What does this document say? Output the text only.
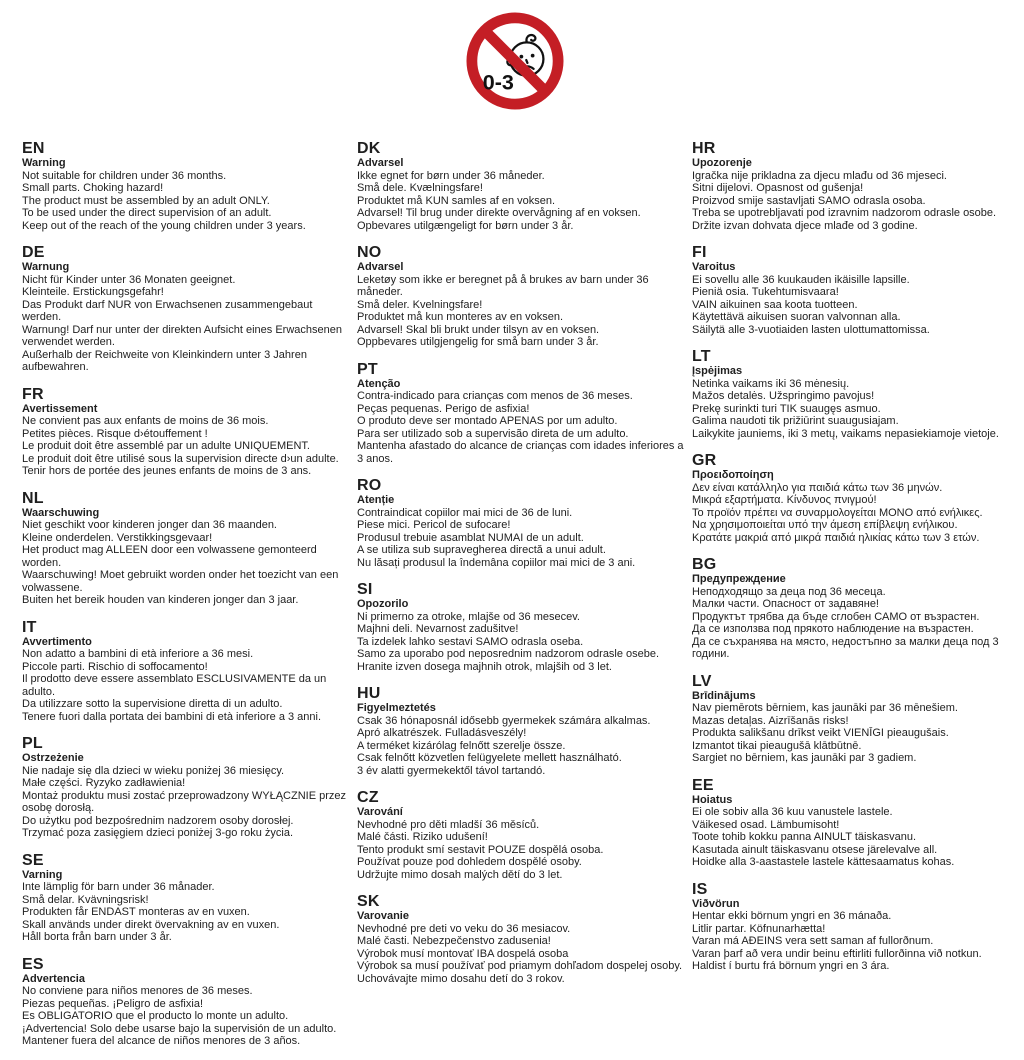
0-3
EN
Warning
Not suitable for children under 36 months.
Small parts. Choking hazard!
The product must be assembled by an adult ONLY.
To be used under the direct supervision of an adult.
Keep out of the reach of the young children under 3 years.
DE
Warnung
Nicht für Kinder unter 36 Monaten geeignet.
Kleinteile. Erstickungsgefahr!
Das Produkt darf NUR von Erwachsenen zusammengebaut werden.
Warnung! Darf nur unter der direkten Aufsicht eines Erwachsenen verwendet werden.
Außerhalb der Reichweite von Kleinkindern unter 3 Jahren aufbewahren.
FR
Avertissement
Ne convient pas aux enfants de moins de 36 mois.
Petites pièces. Risque d›étouffement !
Le produit doit être assemblé par un adulte UNIQUEMENT.
Le produit doit être utilisé sous la supervision directe d›un adulte.
Tenir hors de portée des jeunes enfants de moins de 3 ans.
NL
Waarschuwing
Niet geschikt voor kinderen jonger dan 36 maanden.
Kleine onderdelen. Verstikkingsgevaar!
Het product mag ALLEEN door een volwassene gemonteerd worden.
Waarschuwing! Moet gebruikt worden onder het toezicht van een volwassene.
Buiten het bereik houden van kinderen jonger dan 3 jaar.
IT
Avvertimento
Non adatto a bambini di età inferiore a 36 mesi.
Piccole parti. Rischio di soffocamento!
Il prodotto deve essere assemblato ESCLUSIVAMENTE da un adulto.
Da utilizzare sotto la supervisione diretta di un adulto.
Tenere fuori dalla portata dei bambini di età inferiore a 3 anni.
PL
Ostrzeżenie
Nie nadaje się dla dzieci w wieku poniżej 36 miesięcy.
Małe części. Ryzyko zadławienia!
Montaż produktu musi zostać przeprowadzony WYŁĄCZNIE przez osobę dorosłą.
Do użytku pod bezpośrednim nadzorem osoby dorosłej.
Trzymać poza zasięgiem dzieci poniżej 3-go roku życia.
SE
Varning
Inte lämplig för barn under 36 månader.
Små delar. Kvävningsrisk!
Produkten får ENDAST monteras av en vuxen.
Skall används under direkt övervakning av en vuxen.
Håll borta från barn under 3 år.
ES
Advertencia
No conviene para niños menores de 36 meses.
Piezas pequeñas. ¡Peligro de asfixia!
Es OBLIGATORIO que el producto lo monte un adulto.
¡Advertencia! Solo debe usarse bajo la supervisión de un adulto.
Mantener fuera del alcance de niños menores de 3 años.
DK
Advarsel
Ikke egnet for børn under 36 måneder.
Små dele. Kvælningsfare!
Produktet må KUN samles af en voksen.
Advarsel! Til brug under direkte overvågning af en voksen.
Opbevares utilgængeligt for børn under 3 år.
NO
Advarsel
Leketøy som ikke er beregnet på å brukes av barn under 36 måneder.
Små deler. Kvelningsfare!
Produktet må kun monteres av en voksen.
Advarsel! Skal bli brukt under tilsyn av en voksen.
Oppbevares utilgjengelig for små barn under 3 år.
PT
Atenção
Contra-indicado para crianças com menos de 36 meses.
Peças pequenas. Perigo de asfixia!
O produto deve ser montado APENAS por um adulto.
Para ser utilizado sob a supervisão direta de um adulto.
Mantenha afastado do alcance de crianças com idades inferiores a 3 anos.
RO
Atenție
Contraindicat copiilor mai mici de 36 de luni.
Piese mici. Pericol de sufocare!
Produsul trebuie asamblat NUMAI de un adult.
A se utiliza sub supravegherea directă a unui adult.
Nu lăsați produsul la îndemâna copiilor mai mici de 3 ani.
SI
Opozorilo
Ni primerno za otroke, mlajše od 36 mesecev.
Majhni deli. Nevarnost zadušitve!
Ta izdelek lahko sestavi SAMO odrasla oseba.
Samo za uporabo pod neposrednim nadzorom odrasle osebe.
Hranite izven dosega majhnih otrok, mlajših od 3 let.
HU
Figyelmeztetés
Csak 36 hónaposnál idősebb gyermekek számára alkalmas.
Apró alkatrészek. Fulladásveszély!
A terméket kizárólag felnőtt szerelje össze.
Csak felnőtt közvetlen felügyelete mellett használható.
3 év alatti gyermekektől távol tartandó.
CZ
Varování
Nevhodné pro děti mladší 36 měsíců.
Malé části. Riziko udušení!
Tento produkt smí sestavit POUZE dospělá osoba.
Používat pouze pod dohledem dospělé osoby.
Udržujte mimo dosah malých dětí do 3 let.
SK
Varovanie
Nevhodné pre deti vo veku do 36 mesiacov.
Malé časti. Nebezpečenstvo zadusenia!
Výrobok musí montovať IBA dospelá osoba
Výrobok sa musí používať pod priamym dohľadom dospelej osoby.
Uchovávajte mimo dosahu detí do 3 rokov.
HR
Upozorenje
Igračka nije prikladna za djecu mlađu od 36 mjeseci.
Sitni dijelovi. Opasnost od gušenja!
Proizvod smije sastavljati SAMO odrasla osoba.
Treba se upotrebljavati pod izravnim nadzorom odrasle osobe.
Držite izvan dohvata djece mlađe od 3 godine.
FI
Varoitus
Ei sovellu alle 36 kuukauden ikäisille lapsille.
Pieniä osia. Tukehtumisvaara!
VAIN aikuinen saa koota tuotteen.
Käytettävä aikuisen suoran valvonnan alla.
Säilytä alle 3-vuotiaiden lasten ulottumattomissa.
LT
Įspėjimas
Netinka vaikams iki 36 mėnesių.
Mažos detalės. Užspringimo pavojus!
Prekę surinkti turi TIK suaugęs asmuo.
Galima naudoti tik prižiūrint suaugusiajam.
Laikykite jauniems, iki 3 metų, vaikams nepasiekiamoje vietoje.
GR
Προειδοποίηση
Δεν είναι κατάλληλο για παιδιά κάτω των 36 μηνών.
Μικρά εξαρτήματα. Κίνδυνος πνιγμού!
Το προϊόν πρέπει να συναρμολογείται ΜΟΝΟ από ενήλικες.
Να χρησιμοποιείται υπό την άμεση επίβλεψη ενήλικου.
Κρατάτε μακριά από μικρά παιδιά ηλικίας κάτω των 3 ετών.
BG
Предупреждение
Неподходящо за деца под 36 месеца.
Малки части. Опасност от задавяне!
Продуктът трябва да бъде сглобен САМО от възрастен.
Да се използва под прякото наблюдение на възрастен.
Да се съхранява на място, недостъпно за малки деца под 3 години.
LV
Brīdinājums
Nav piemērots bērniem, kas jaunāki par 36 mēnešiem.
Mazas detaļas. Aizrīšanās risks!
Produkta salikšanu drīkst veikt VIENĪGI pieaugušais.
Izmantot tikai pieaugušā klātbūtnē.
Sargiet no bērniem, kas jaunāki par 3 gadiem.
EE
Hoiatus
Ei ole sobiv alla 36 kuu vanustele lastele.
Väikesed osad. Lämbumisoht!
Toote tohib kokku panna AINULT täiskasvanu.
Kasutada ainult täiskasvanu otsese järelevalve all.
Hoidke alla 3-aastastele lastele kättesaamatus kohas.
IS
Viðvörun
Hentar ekki börnum yngri en 36 mánaða.
Litlir partar. Köfnunarhætta!
Varan má AÐEINS vera sett saman af fullorðnum.
Varan þarf að vera undir beinu eftirliti fullorðinna við notkun.
Haldist í burtu frá börnum yngri en 3 ára.
